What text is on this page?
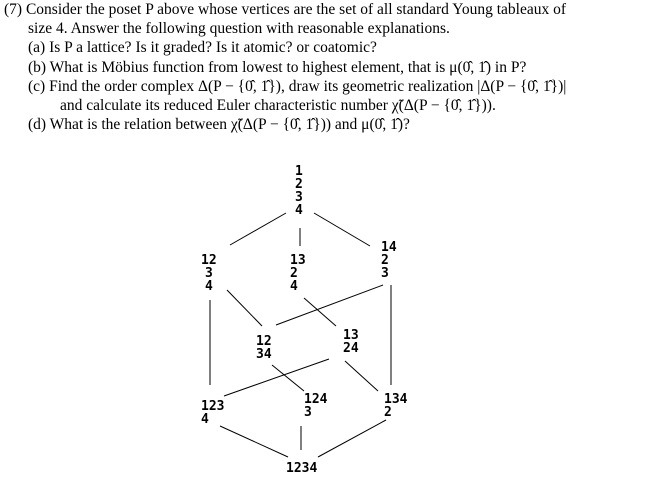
(7) Consider the poset P above whose vertices are the set of all standard Young tableaux of
size 4. Answer the following question with reasonable explanations.
(a) Is P a lattice? Is it graded? Is it atomic? or coatomic?
(b) What is Möbius function from lowest to highest element, that is μ(0̂, 1̂) in P?
(c) Find the order complex Δ(P − {0̂, 1̂}), draw its geometric realization |Δ(P − {0̂, 1̂})|
and calculate its reduced Euler characteristic number χ̃(Δ(P − {0̂, 1̂})).
(d) What is the relation between χ̃(Δ(P − {0̂, 1̂})) and μ(0̂, 1̂)?
1
2
3
4
12
3
4
13
2
4
14
2
3
12
34
13
24
123
4
124
3
134
2
1234
